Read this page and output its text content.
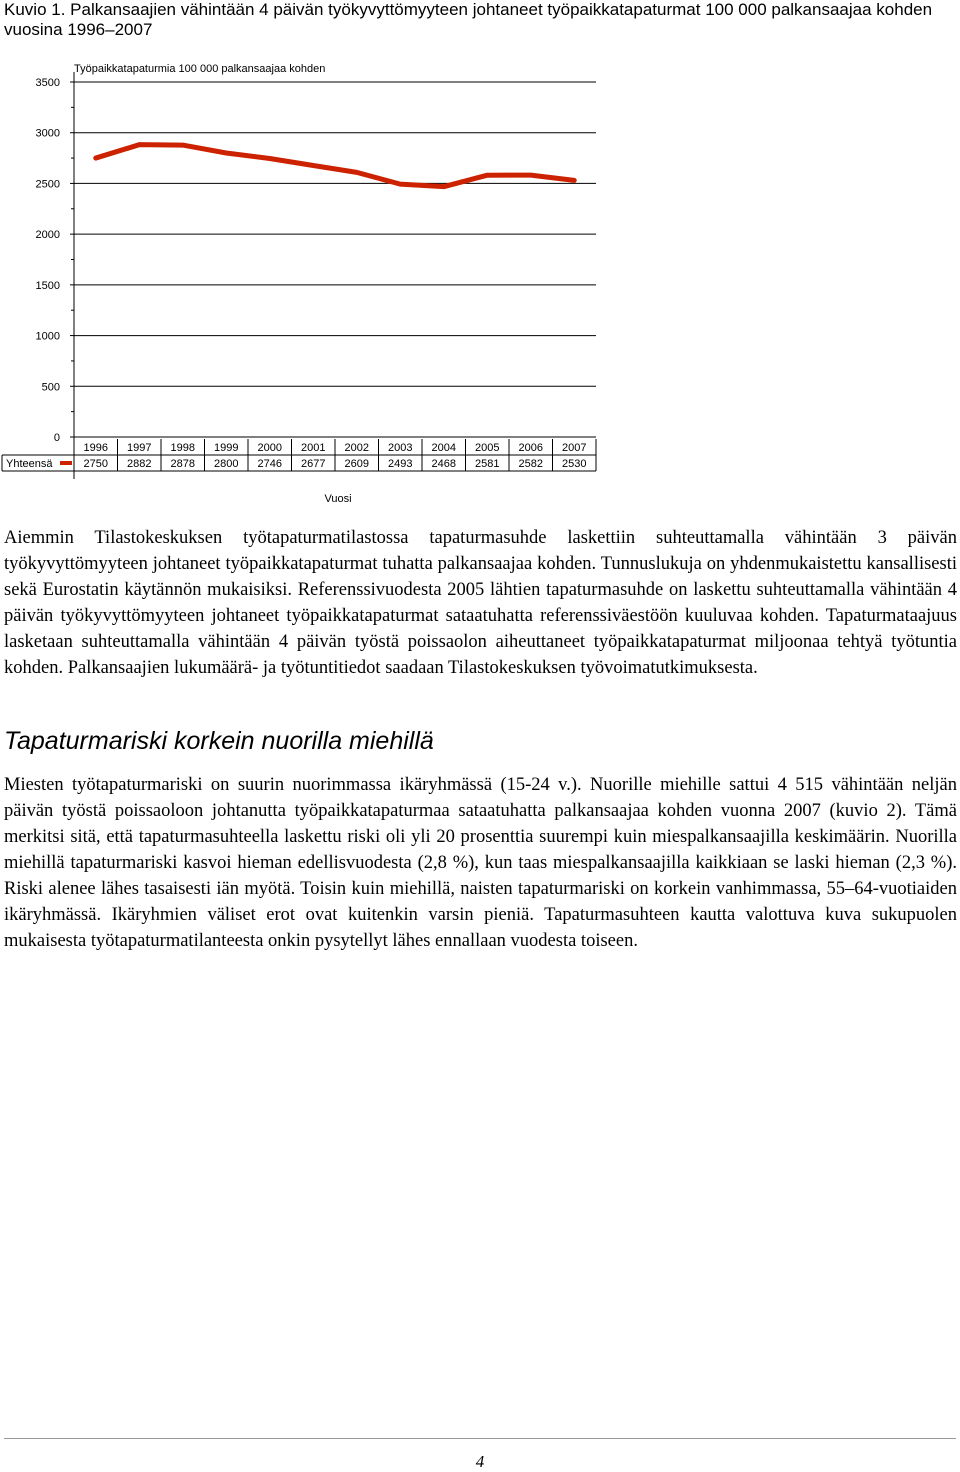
Kuvio 1. Palkansaajien vähintään 4 päivän työkyvyttömyyteen johtaneet työpaikkatapaturmat 100 000 palkansaajaa kohden vuosina 1996–2007
Työpaikkatapaturmia 100 000 palkansaajaa kohden
0
500
1000
1500
2000
2500
3000
3500
1996 1997 1998 1999 2000 2001 2002 2003 2004 2005 2006 2007
Yhteensä	2750 2882 2878 2800 2746 2677 2609 2493 2468 2581 2582 2530
Vuosi
Aiemmin Tilastokeskuksen työtapaturmatilastossa tapaturmasuhde laskettiin suhteuttamalla vähintään 3 päivän työkyvyttömyyteen johtaneet työpaikkatapaturmat tuhatta palkansaajaa kohden. Tunnuslukuja on yhdenmukaistettu kansallisesti sekä Eurostatin käytännön mukaisiksi. Referenssivuodesta 2005 lähtien tapaturmasuhde on laskettu suhteuttamalla vähintään 4 päivän työkyvyttömyyteen johtaneet työpaikkatapaturmat sataatuhatta referenssiväestöön kuuluvaa kohden. Tapaturmataajuus lasketaan suhteuttamalla vähintään 4 päivän työstä poissaolon aiheuttaneet työpaikkatapaturmat miljoonaa tehtyä työtuntia kohden. Palkansaajien lukumäärä- ja työtuntitiedot saadaan Tilastokeskuksen työvoimatutkimuksesta.
Tapaturmariski korkein nuorilla miehillä
Miesten työtapaturmariski on suurin nuorimmassa ikäryhmässä (15-24 v.). Nuorille miehille sattui 4 515 vähintään neljän päivän työstä poissaoloon johtanutta työpaikkatapaturmaa sataatuhatta palkansaajaa kohden vuonna 2007 (kuvio 2). Tämä merkitsi sitä, että tapaturmasuhteella laskettu riski oli yli 20 prosenttia suurempi kuin miespalkansaajilla keskimäärin. Nuorilla miehillä tapaturmariski kasvoi hieman edellisvuodesta (2,8 %), kun taas miespalkansaajilla kaikkiaan se laski hieman (2,3 %). Riski alenee lähes tasaisesti iän myötä. Toisin kuin miehillä, naisten tapaturmariski on korkein vanhimmassa, 55–64-vuotiaiden ikäryhmässä. Ikäryhmien väliset erot ovat kuitenkin varsin pieniä. Tapaturmasuhteen kautta valottuva kuva sukupuolen mukaisesta työtapaturmatilanteesta onkin pysytellyt lähes ennallaan vuodesta toiseen.
4
